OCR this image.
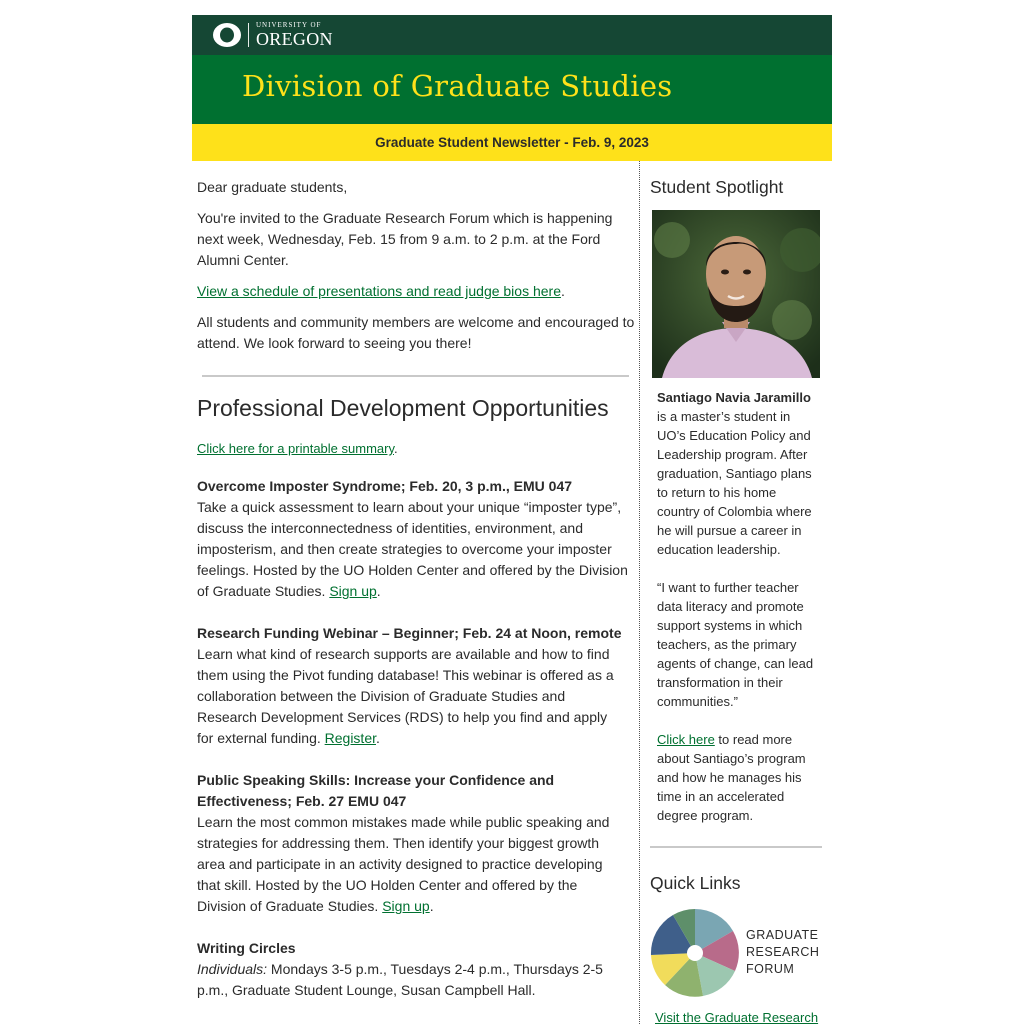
UNIVERSITY OF
OREGON
Division of Graduate Studies
Graduate Student Newsletter - Feb. 9, 2023

Dear graduate students,

You're invited to the Graduate Research Forum which is happening next week, Wednesday, Feb. 15 from 9 a.m. to 2 p.m. at the Ford Alumni Center.

View a schedule of presentations and read judge bios here.

All students and community members are welcome and encouraged to attend. We look forward to seeing you there!

Professional Development Opportunities

Click here for a printable summary.

Overcome Imposter Syndrome; Feb. 20, 3 p.m., EMU 047

Take a quick assessment to learn about your unique “imposter type”, discuss the interconnectedness of identities, environment, and imposterism, and then create strategies to overcome your imposter feelings. Hosted by the UO Holden Center and offered by the Division of Graduate Studies. Sign up.

Research Funding Webinar – Beginner; Feb. 24 at Noon, remote

Learn what kind of research supports are available and how to find them using the Pivot funding database! This webinar is offered as a collaboration between the Division of Graduate Studies and Research Development Services (RDS) to help you find and apply for external funding. Register.

Public Speaking Skills: Increase your Confidence and Effectiveness; Feb. 27 EMU 047

Learn the most common mistakes made while public speaking and strategies for addressing them. Then identify your biggest growth area and participate in an activity designed to practice developing that skill. Hosted by the UO Holden Center and offered by the Division of Graduate Studies. Sign up.

Writing Circles

Individuals: Mondays 3-5 p.m., Tuesdays 2-4 p.m., Thursdays 2-5 p.m., Graduate Student Lounge, Susan Campbell Hall.

Student Spotlight
Santiago Navia Jaramillo is a master’s student in UO’s Education Policy and Leadership program. After graduation, Santiago plans to return to his home country of Colombia where he will pursue a career in education leadership.
“I want to further teacher data literacy and promote support systems in which teachers, as the primary agents of change, can lead transformation in their communities.”
Click here to read more about Santiago’s program and how he manages his time in an accelerated degree program.
Quick Links
GRADUATE
RESEARCH
FORUM
Visit the Graduate Research
